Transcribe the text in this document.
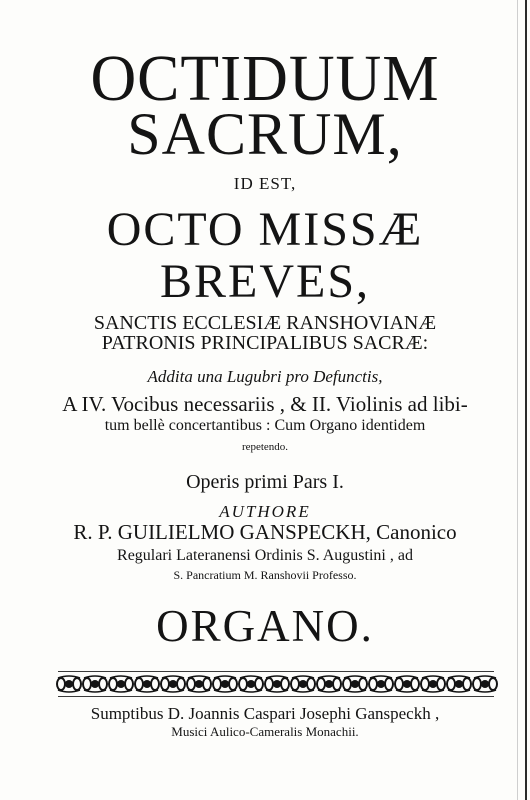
OCTIDUUM
SACRUM,
ID EST,
OCTO MISSÆ
BREVES,
SANCTIS ECCLESIÆ RANSHOVIANÆ
PATRONIS PRINCIPALIBUS SACRÆ:
Addita una Lugubri pro Defunctis,
A IV. Vocibus necessariis , & II. Violinis ad libi-
tum bellè concertantibus : Cum Organo identidem
repetendo.
Operis primi Pars I.
AUTHORE
R. P. GUILIELMO GANSPECKH, Canonico
Regulari Lateranensi Ordinis S. Augustini , ad
S. Pancratium M. Ranshovii Professo.
ORGANO.
Sumptibus D. Joannis Caspari Josephi Ganspeckh ,
Musici Aulico-Cameralis Monachii.
